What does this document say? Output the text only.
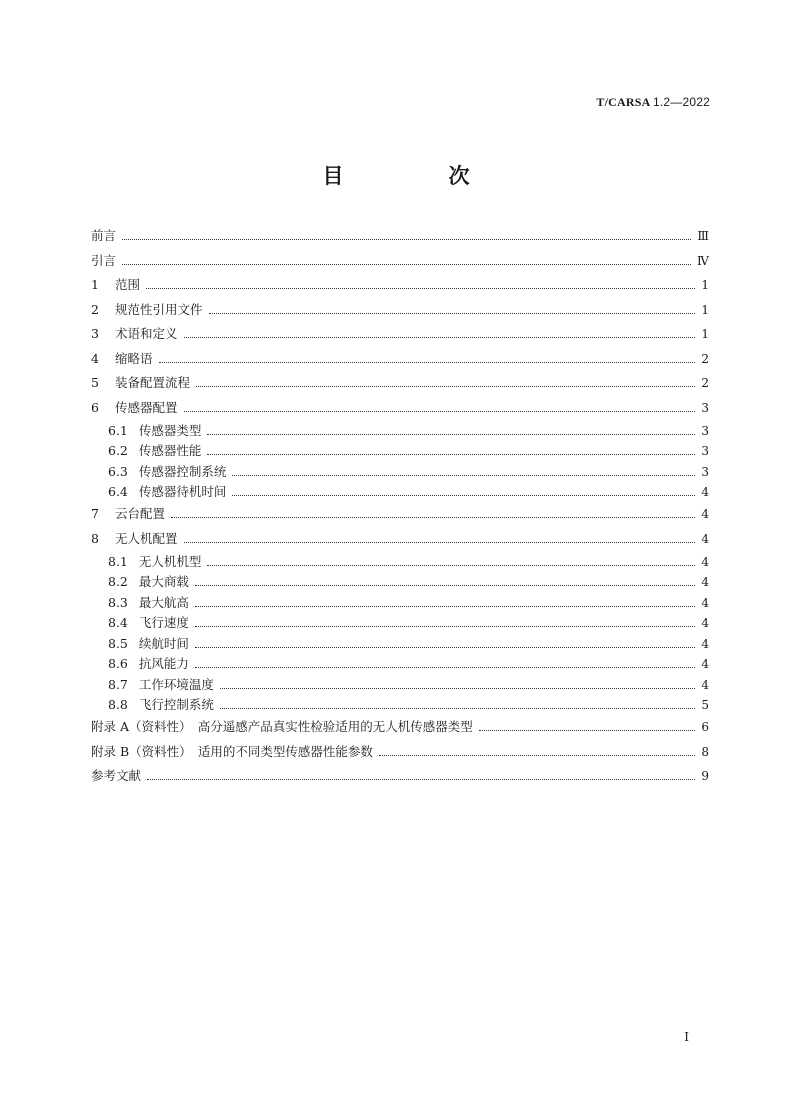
T/CARSA 1.2—2022
目　次
前言	Ⅲ
引言	Ⅳ
1 范围	1
2 规范性引用文件	1
3 术语和定义	1
4 缩略语	2
5 装备配置流程	2
6 传感器配置	3
6.1 传感器类型	3
6.2 传感器性能	3
6.3 传感器控制系统	3
6.4 传感器待机时间	4
7 云台配置	4
8 无人机配置	4
8.1 无人机机型	4
8.2 最大商载	4
8.3 最大航高	4
8.4 飞行速度	4
8.5 续航时间	4
8.6 抗风能力	4
8.7 工作环境温度	4
8.8 飞行控制系统	5
附录 A（资料性）　高分遥感产品真实性检验适用的无人机传感器类型	6
附录 B（资料性）　适用的不同类型传感器性能参数	8
参考文献	9
I
